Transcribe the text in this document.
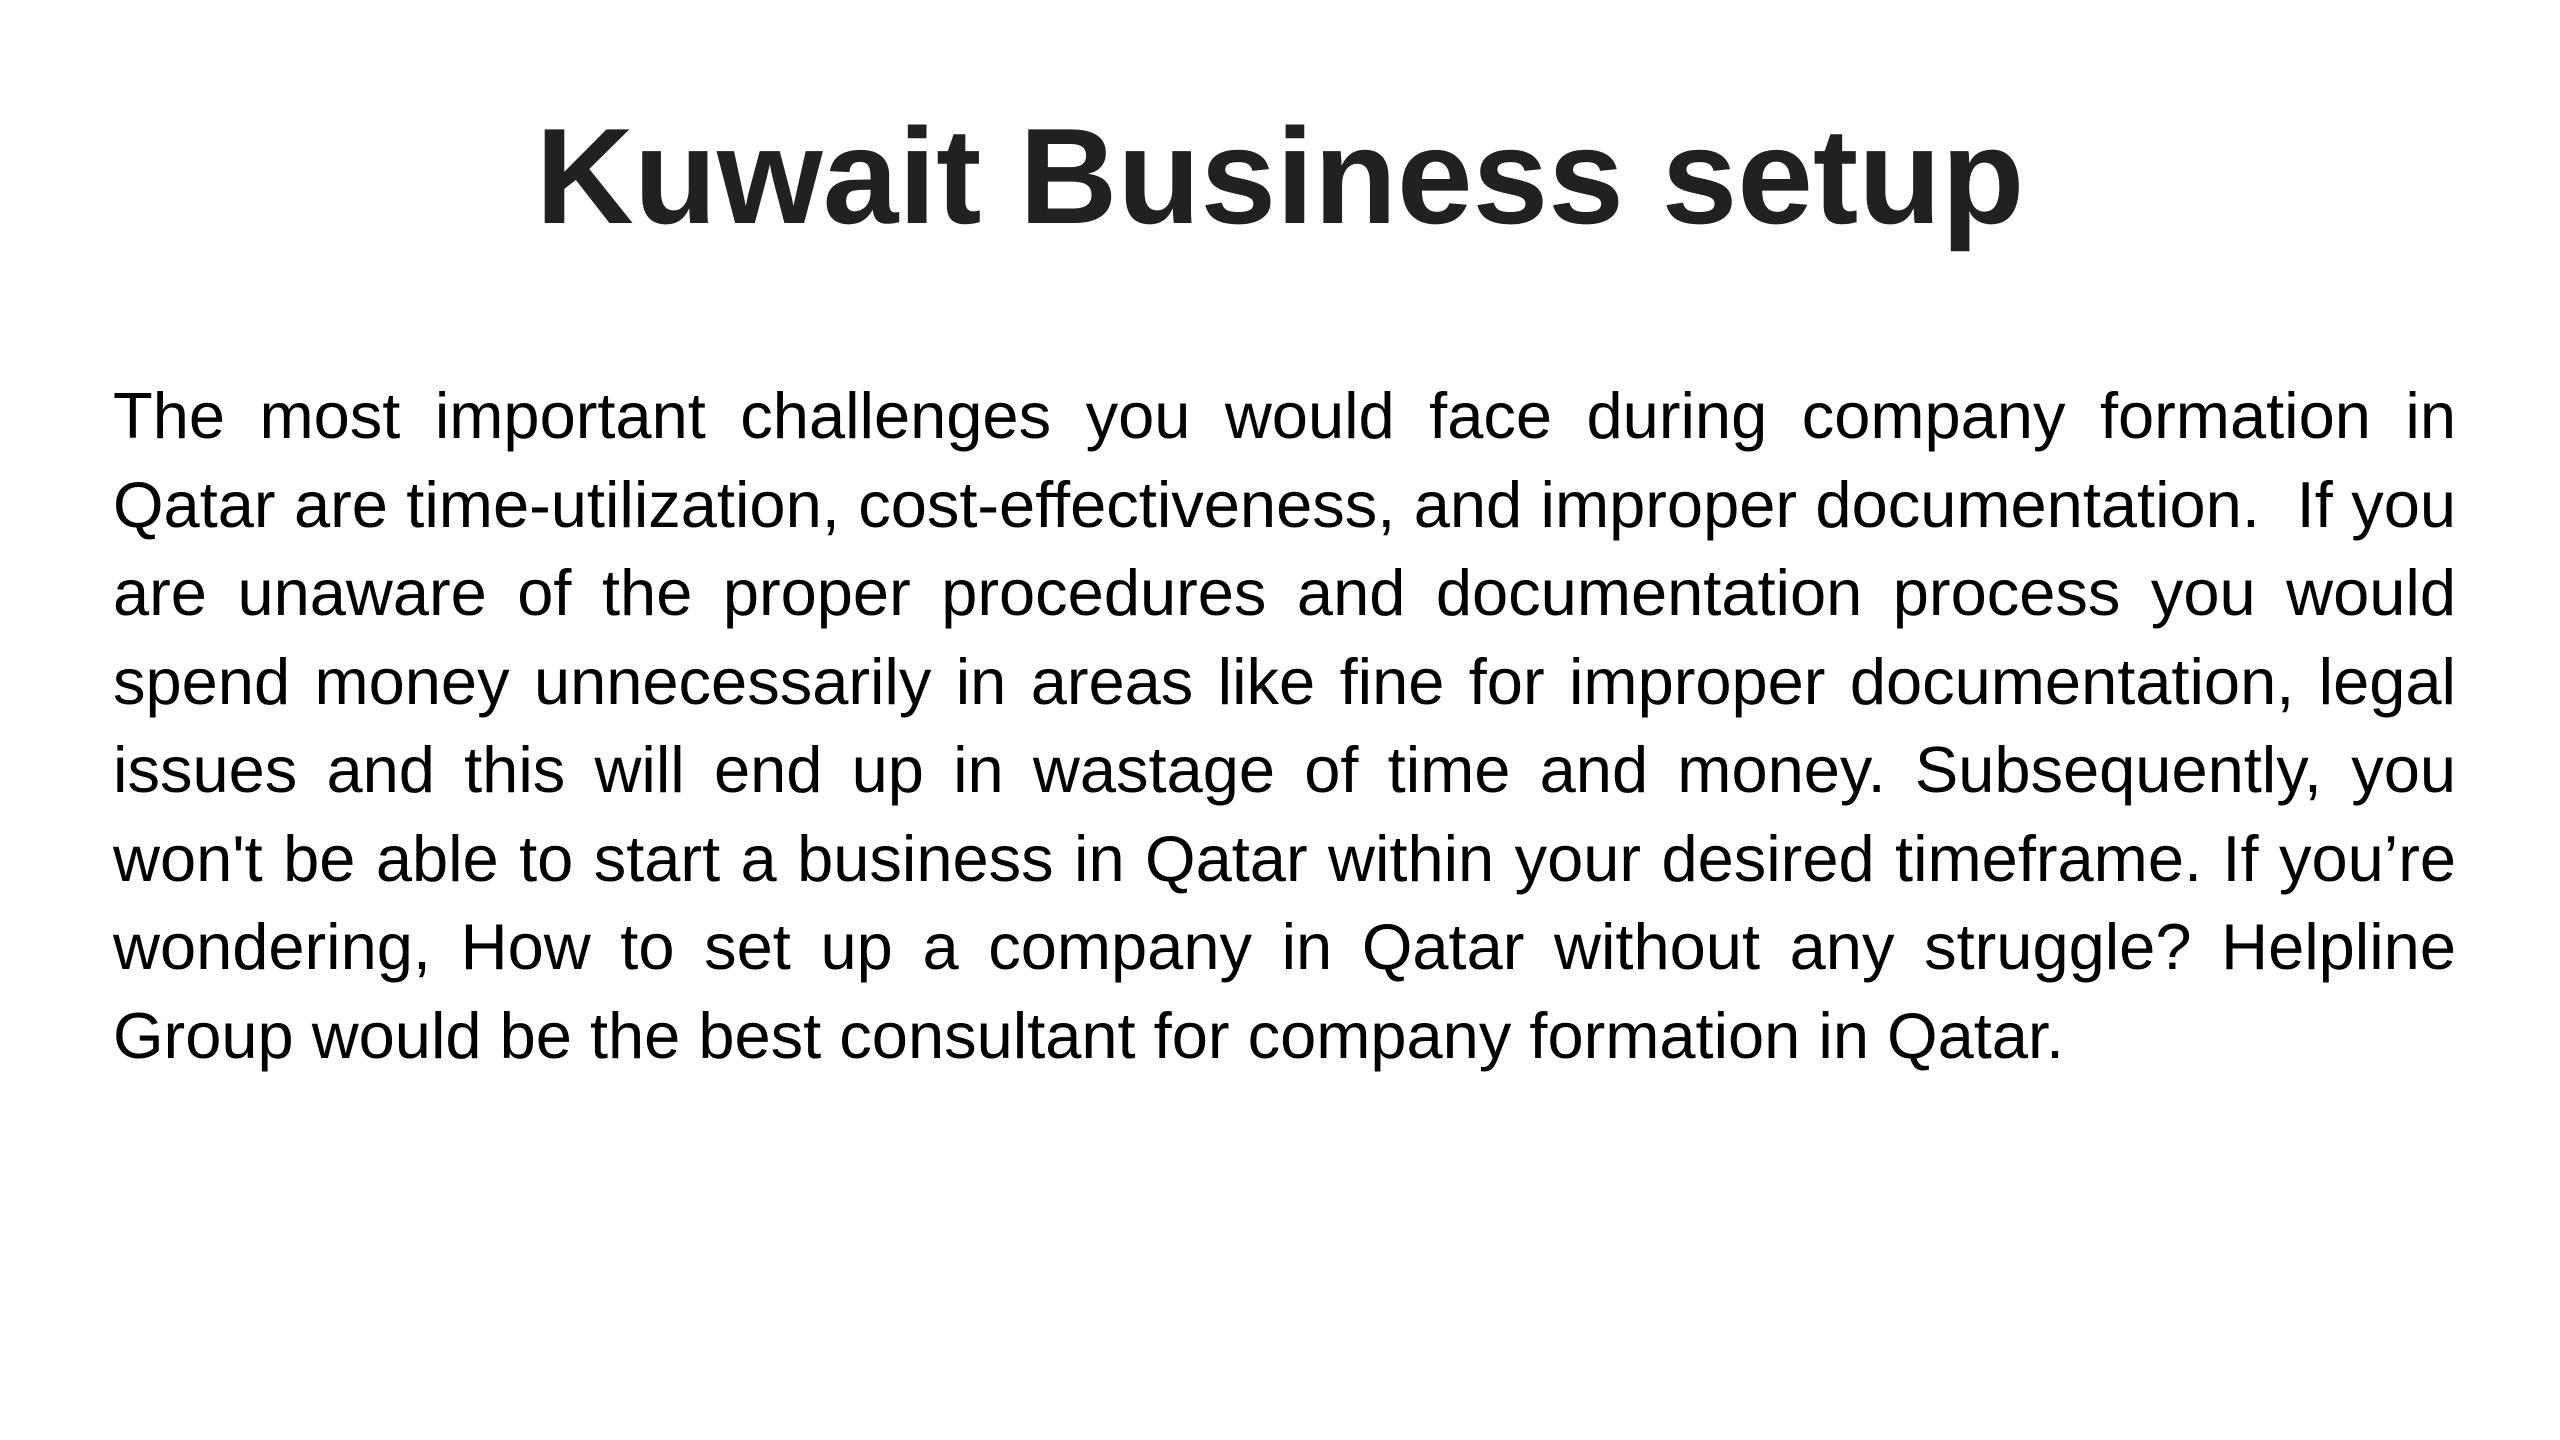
Kuwait Business setup

The most important challenges you would face during company formation in Qatar are time-utilization, cost-effectiveness, and improper documentation.  If you are unaware of the proper procedures and documentation process you would spend money unnecessarily in areas like fine for improper documentation, legal issues and this will end up in wastage of time and money. Subsequently, you won't be able to start a business in Qatar within your desired timeframe. If you’re wondering, How to set up a company in Qatar without any struggle? Helpline Group would be the best consultant for company formation in Qatar.
